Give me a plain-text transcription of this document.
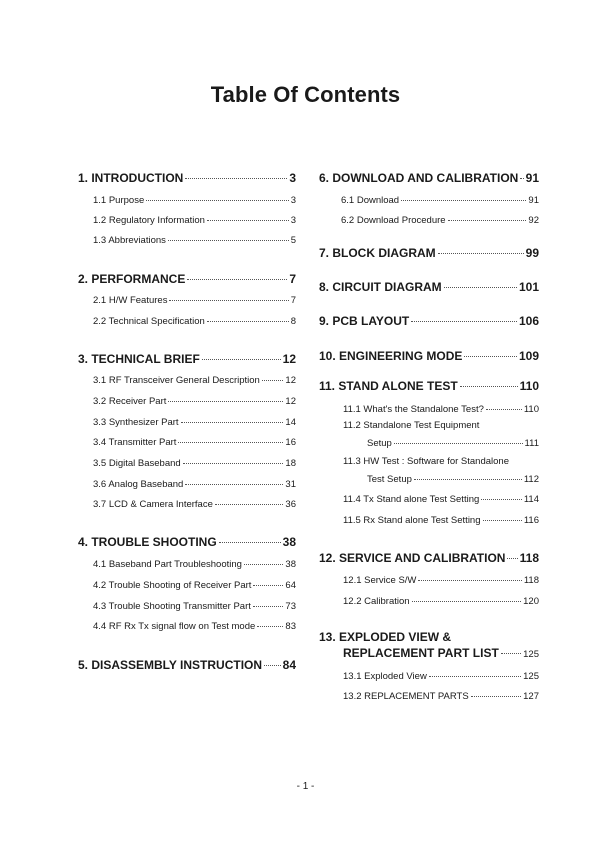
Table Of Contents
1. INTRODUCTION	3
1.1 Purpose	3
1.2 Regulatory Information	3
1.3 Abbreviations	5
2. PERFORMANCE	7
2.1 H/W Features	7
2.2 Technical Specification	8
3. TECHNICAL BRIEF	12
3.1 RF Transceiver General Description	12
3.2 Receiver Part	12
3.3 Synthesizer Part	14
3.4 Transmitter Part	16
3.5 Digital Baseband	18
3.6 Analog Baseband	31
3.7 LCD & Camera Interface	36
4. TROUBLE SHOOTING	38
4.1 Baseband Part Troubleshooting	38
4.2 Trouble Shooting of Receiver Part	64
4.3 Trouble Shooting Transmitter Part	73
4.4 RF Rx Tx signal flow on Test mode	83
5. DISASSEMBLY INSTRUCTION 84
6. DOWNLOAD AND CALIBRATION 91
6.1 Download	91
6.2 Download Procedure	92
7. BLOCK DIAGRAM	99
8. CIRCUIT DIAGRAM	101
9. PCB LAYOUT	106
10. ENGINEERING MODE	109
11. STAND ALONE TEST	110
11.1 What's the Standalone Test?	110
11.2 Standalone Test Equipment
Setup	111
11.3 HW Test : Software for Standalone
Test Setup	112
11.4 Tx Stand alone Test Setting	114
11.5 Rx Stand alone Test Setting	116
12. SERVICE AND CALIBRATION 118
12.1 Service S/W	118
12.2 Calibration	120
13. EXPLODED VIEW &
REPLACEMENT PART LIST	125
13.1 Exploded View	125
13.2 REPLACEMENT PARTS	127
- 1 -
